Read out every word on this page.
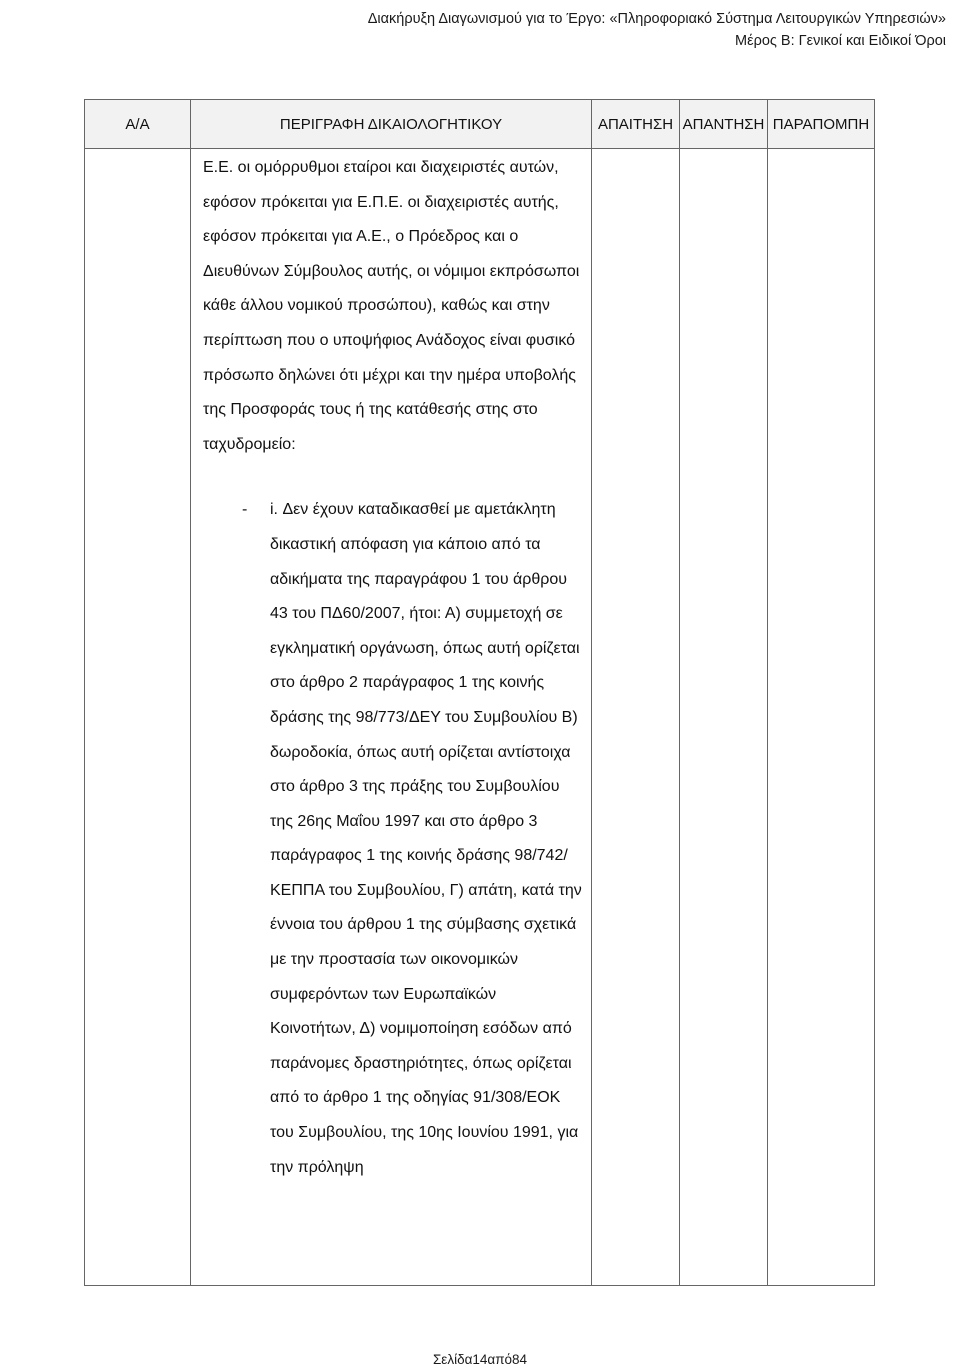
Διακήρυξη Διαγωνισμού για το Έργο: «Πληροφοριακό Σύστημα Λειτουργικών Υπηρεσιών»
Μέρος Β: Γενικοί και Ειδικοί Όροι
Α/Α	ΠΕΡΙΓΡΑΦΗ ΔΙΚΑΙΟΛΟΓΗΤΙΚΟΥ	ΑΠΑΙΤΗΣΗ	ΑΠΑΝΤΗΣΗ	ΠΑΡΑΠΟΜΠΗ

	Ε.Ε. οι ομόρρυθμοι εταίροι και διαχειριστές αυτών, εφόσον πρόκειται για Ε.Π.Ε. οι διαχειριστές αυτής, εφόσον πρόκειται για Α.Ε., ο Πρόεδρος και ο Διευθύνων Σύμβουλος αυτής, οι νόμιμοι εκπρόσωποι κάθε άλλου νομικού προσώπου), καθώς και στην περίπτωση που ο υποψήφιος Ανάδοχος είναι φυσικό πρόσωπο δηλώνει ότι μέχρι και την ημέρα υποβολής της Προσφοράς τους ή της κατάθεσής στης στο ταχυδρομείο:

- i. Δεν έχουν καταδικασθεί με αμετάκλητη δικαστική απόφαση για κάποιο από τα αδικήματα της παραγράφου 1 του άρθρου 43 του ΠΔ60/2007, ήτοι: Α) συμμετοχή σε εγκληματική οργάνωση, όπως αυτή ορίζεται στο άρθρο 2 παράγραφος 1 της κοινής δράσης της 98/773/ΔΕΥ του Συμβουλίου Β) δωροδοκία, όπως αυτή ορίζεται αντίστοιχα στο άρθρο 3 της πράξης του Συμβουλίου της 26ης Μαΐου 1997 και στο άρθρο 3 παράγραφος 1 της κοινής δράσης 98/742/ΚΕΠΠΑ του Συμβουλίου, Γ) απάτη, κατά την έννοια του άρθρου 1 της σύμβασης σχετικά με την προστασία των οικονομικών συμφερόντων των Ευρωπαϊκών Κοινοτήτων, Δ) νομιμοποίηση εσόδων από παράνομες δραστηριότητες, όπως ορίζεται από το άρθρο 1 της οδηγίας 91/308/ΕΟΚ του Συμβουλίου, της 10ης Ιουνίου 1991, για την πρόληψη			

Σελίδα14από84
